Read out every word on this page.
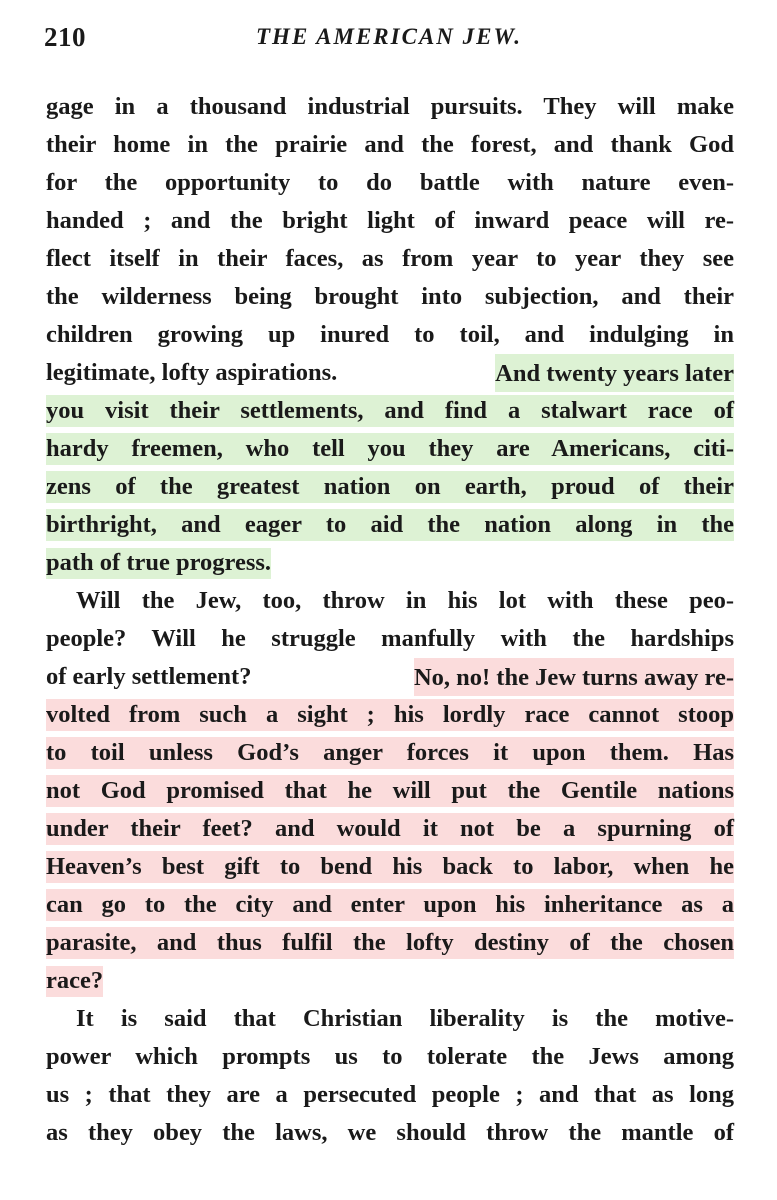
210	THE AMERICAN JEW.
gage in a thousand industrial pursuits. They will make
their home in the prairie and the forest, and thank God
for the opportunity to do battle with nature even-
handed ; and the bright light of inward peace will re-
flect itself in their faces, as from year to year they see
the wilderness being brought into subjection, and their
children growing up inured to toil, and indulging in
legitimate, lofty aspirations.	And twenty years later
you visit their settlements, and find a stalwart race of
hardy freemen, who tell you they are Americans, citi-
zens of the greatest nation on earth, proud of their
birthright, and eager to aid the nation along in the
path of true progress.
Will the Jew, too, throw in his lot with these peo-
people? Will he struggle manfully with the hardships
of early settlement?	No, no! the Jew turns away re-
volted from such a sight ; his lordly race cannot stoop
to toil unless God’s anger forces it upon them. Has
not God promised that he will put the Gentile nations
under their feet? and would it not be a spurning of
Heaven’s best gift to bend his back to labor, when he
can go to the city and enter upon his inheritance as a
parasite, and thus fulfil the lofty destiny of the chosen
race?
It is said that Christian liberality is the motive-
power which prompts us to tolerate the Jews among
us ; that they are a persecuted people ; and that as long
as they obey the laws, we should throw the mantle of
